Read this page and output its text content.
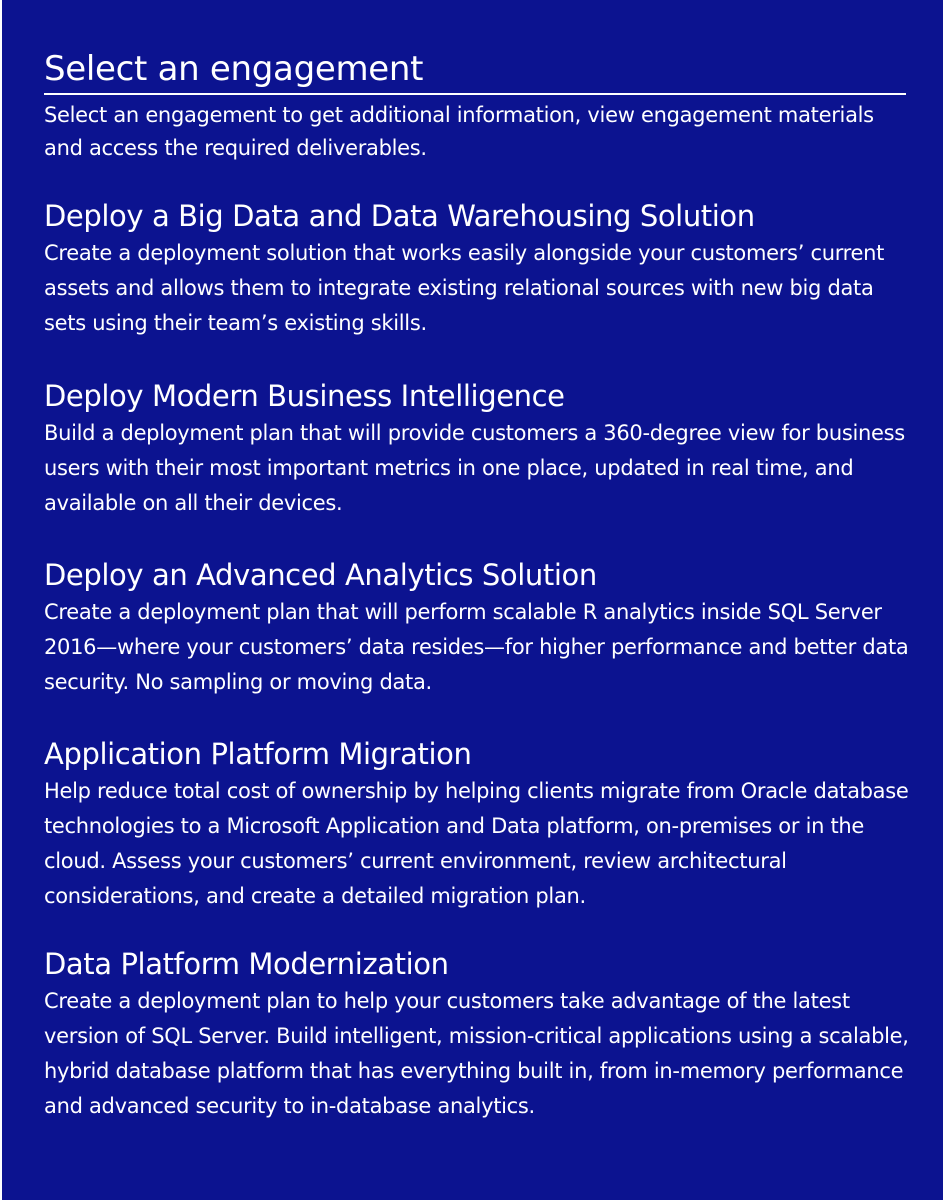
Select an engagement
Select an engagement to get additional information, view engagement materials and access the required deliverables.
Deploy a Big Data and Data Warehousing Solution
Create a deployment solution that works easily alongside your customers’ current assets and allows them to integrate existing relational sources with new big data sets using their team’s existing skills.
Deploy Modern Business Intelligence
Build a deployment plan that will provide customers a 360-degree view for business users with their most important metrics in one place, updated in real time, and available on all their devices.
Deploy an Advanced Analytics Solution
Create a deployment plan that will perform scalable R analytics inside SQL Server 2016—where your customers’ data resides—for higher performance and better data security. No sampling or moving data.
Application Platform Migration
Help reduce total cost of ownership by helping clients migrate from Oracle database technologies to a Microsoft Application and Data platform, on-premises or in the cloud. Assess your customers’ current environment, review architectural considerations, and create a detailed migration plan.
Data Platform Modernization
Create a deployment plan to help your customers take advantage of the latest version of SQL Server. Build intelligent, mission-critical applications using a scalable, hybrid database platform that has everything built in, from in-memory performance and advanced security to in-database analytics.
